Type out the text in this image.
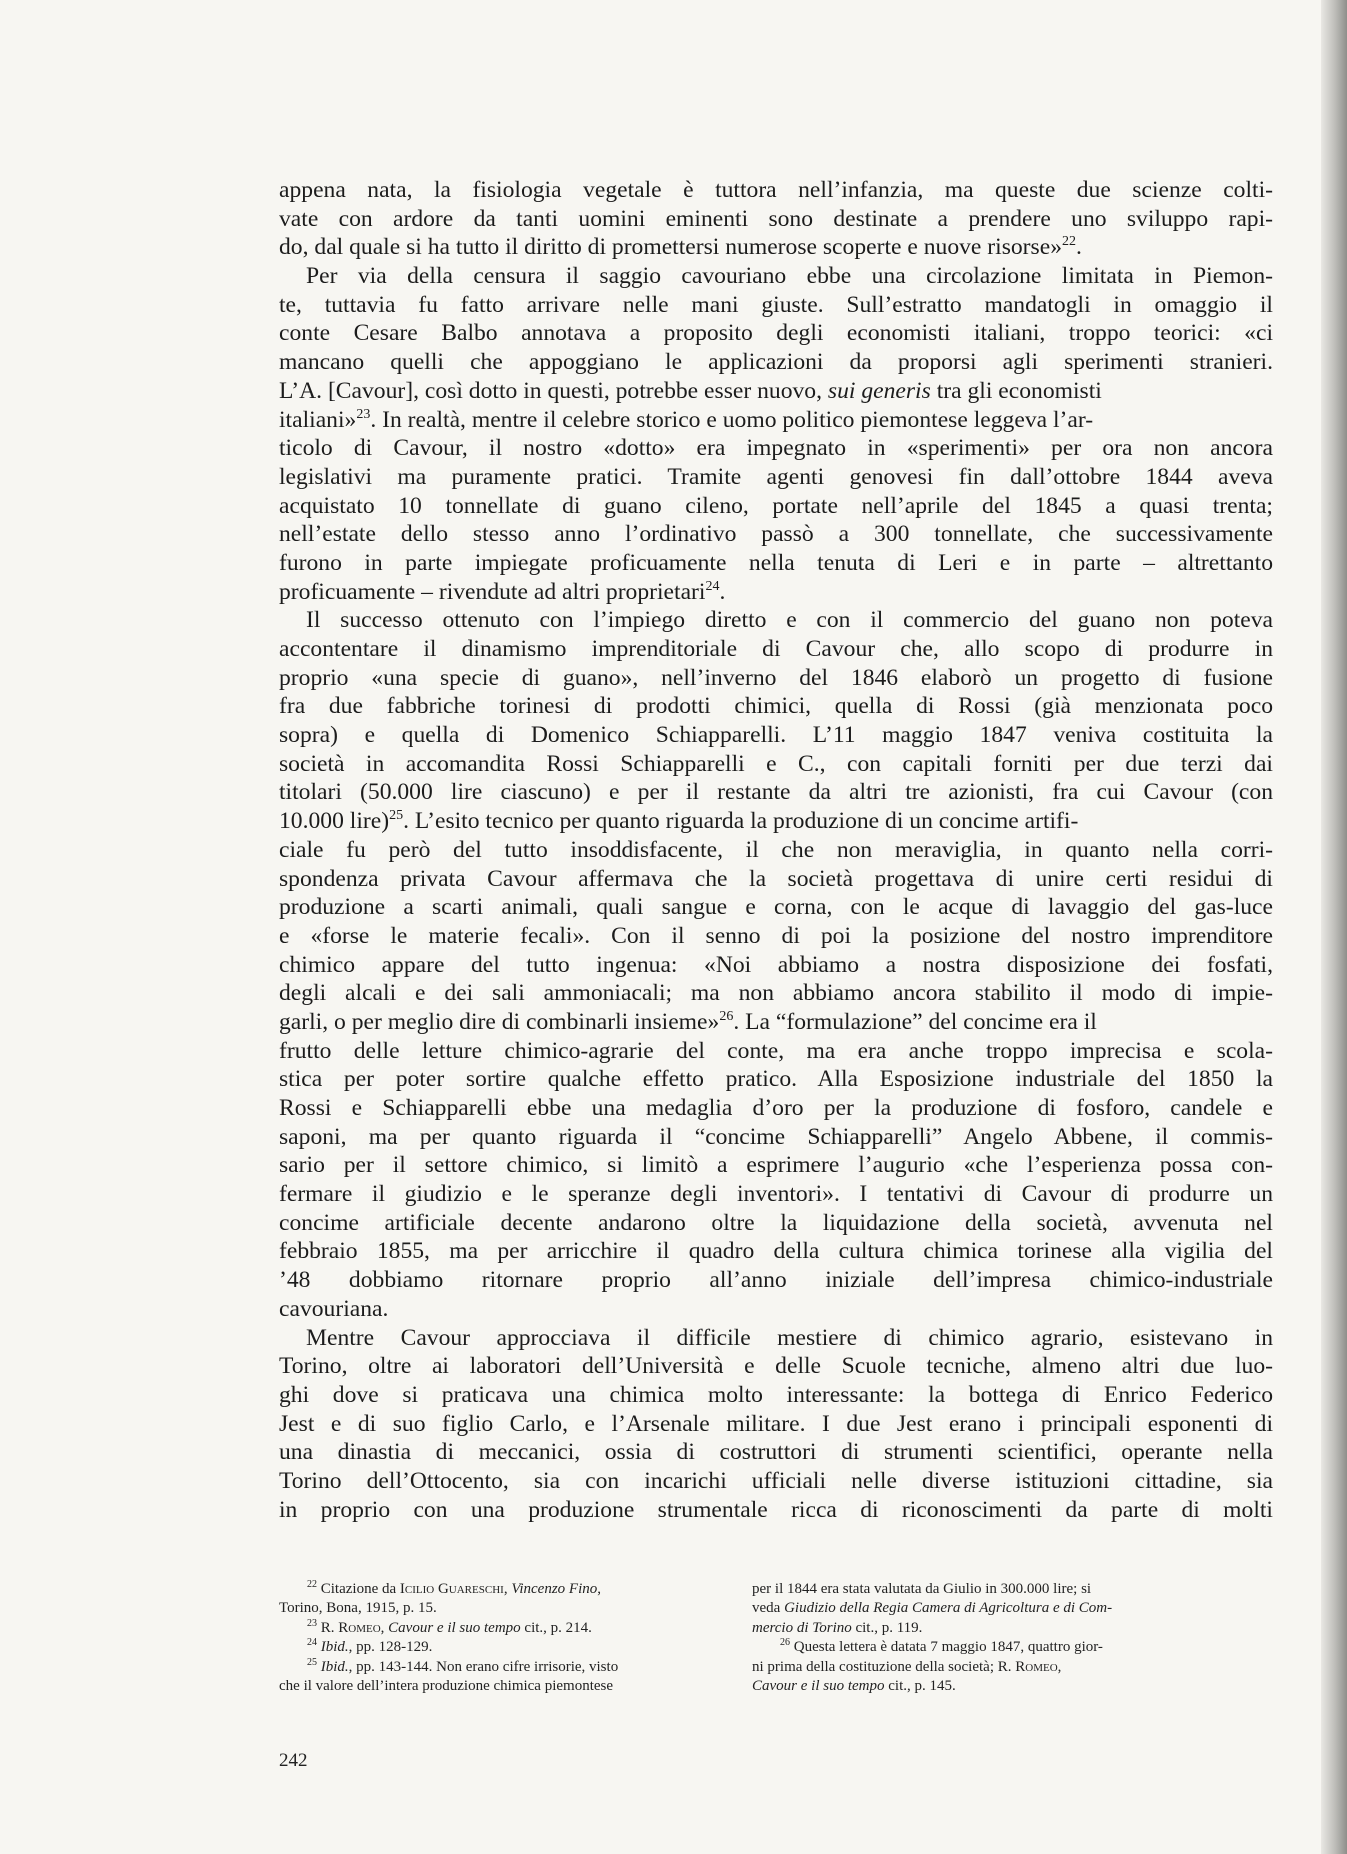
appena nata, la fisiologia vegetale è tuttora nell’infanzia, ma queste due scienze colti-
vate con ardore da tanti uomini eminenti sono destinate a prendere uno sviluppo rapi-
do, dal quale si ha tutto il diritto di promettersi numerose scoperte e nuove risorse»$^{22}$.
Per via della censura il saggio cavouriano ebbe una circolazione limitata in Piemon-
te, tuttavia fu fatto arrivare nelle mani giuste. Sull’estratto mandatogli in omaggio il
conte Cesare Balbo annotava a proposito degli economisti italiani, troppo teorici: «ci
mancano quelli che appoggiano le applicazioni da proporsi agli sperimenti stranieri.
L’A. [Cavour], così dotto in questi, potrebbe esser nuovo, sui generis tra gli economisti
italiani»$^{23}$. In realtà, mentre il celebre storico e uomo politico piemontese leggeva l’ar-
ticolo di Cavour, il nostro «dotto» era impegnato in «sperimenti» per ora non ancora
legislativi ma puramente pratici. Tramite agenti genovesi fin dall’ottobre 1844 aveva
acquistato 10 tonnellate di guano cileno, portate nell’aprile del 1845 a quasi trenta;
nell’estate dello stesso anno l’ordinativo passò a 300 tonnellate, che successivamente
furono in parte impiegate proficuamente nella tenuta di Leri e in parte – altrettanto
proficuamente – rivendute ad altri proprietari$^{24}$.
Il successo ottenuto con l’impiego diretto e con il commercio del guano non poteva
accontentare il dinamismo imprenditoriale di Cavour che, allo scopo di produrre in
proprio «una specie di guano», nell’inverno del 1846 elaborò un progetto di fusione
fra due fabbriche torinesi di prodotti chimici, quella di Rossi (già menzionata poco
sopra) e quella di Domenico Schiapparelli. L’11 maggio 1847 veniva costituita la
società in accomandita Rossi Schiapparelli e C., con capitali forniti per due terzi dai
titolari (50.000 lire ciascuno) e per il restante da altri tre azionisti, fra cui Cavour (con
10.000 lire)$^{25}$. L’esito tecnico per quanto riguarda la produzione di un concime artifi-
ciale fu però del tutto insoddisfacente, il che non meraviglia, in quanto nella corri-
spondenza privata Cavour affermava che la società progettava di unire certi residui di
produzione a scarti animali, quali sangue e corna, con le acque di lavaggio del gas-luce
e «forse le materie fecali». Con il senno di poi la posizione del nostro imprenditore
chimico appare del tutto ingenua: «Noi abbiamo a nostra disposizione dei fosfati,
degli alcali e dei sali ammoniacali; ma non abbiamo ancora stabilito il modo di impie-
garli, o per meglio dire di combinarli insieme»$^{26}$. La “formulazione” del concime era il
frutto delle letture chimico-agrarie del conte, ma era anche troppo imprecisa e scola-
stica per poter sortire qualche effetto pratico. Alla Esposizione industriale del 1850 la
Rossi e Schiapparelli ebbe una medaglia d’oro per la produzione di fosforo, candele e
saponi, ma per quanto riguarda il “concime Schiapparelli” Angelo Abbene, il commis-
sario per il settore chimico, si limitò a esprimere l’augurio «che l’esperienza possa con-
fermare il giudizio e le speranze degli inventori». I tentativi di Cavour di produrre un
concime artificiale decente andarono oltre la liquidazione della società, avvenuta nel
febbraio 1855, ma per arricchire il quadro della cultura chimica torinese alla vigilia del
’48 dobbiamo ritornare proprio all’anno iniziale dell’impresa chimico-industriale
cavouriana.
Mentre Cavour approcciava il difficile mestiere di chimico agrario, esistevano in
Torino, oltre ai laboratori dell’Università e delle Scuole tecniche, almeno altri due luo-
ghi dove si praticava una chimica molto interessante: la bottega di Enrico Federico
Jest e di suo figlio Carlo, e l’Arsenale militare. I due Jest erano i principali esponenti di
una dinastia di meccanici, ossia di costruttori di strumenti scientifici, operante nella
Torino dell’Ottocento, sia con incarichi ufficiali nelle diverse istituzioni cittadine, sia
in proprio con una produzione strumentale ricca di riconoscimenti da parte di molti
$^{22}$ Citazione da Icilio Guareschi, Vincenzo Fino,
Torino, Bona, 1915, p. 15.
$^{23}$ R. Romeo, Cavour e il suo tempo cit., p. 214.
$^{24}$ Ibid., pp. 128-129.
$^{25}$ Ibid., pp. 143-144. Non erano cifre irrisorie, visto
che il valore dell’intera produzione chimica piemontese
per il 1844 era stata valutata da Giulio in 300.000 lire; si
veda Giudizio della Regia Camera di Agricoltura e di Com-
mercio di Torino cit., p. 119.
$^{26}$ Questa lettera è datata 7 maggio 1847, quattro gior-
ni prima della costituzione della società; R. Romeo,
Cavour e il suo tempo cit., p. 145.
242
